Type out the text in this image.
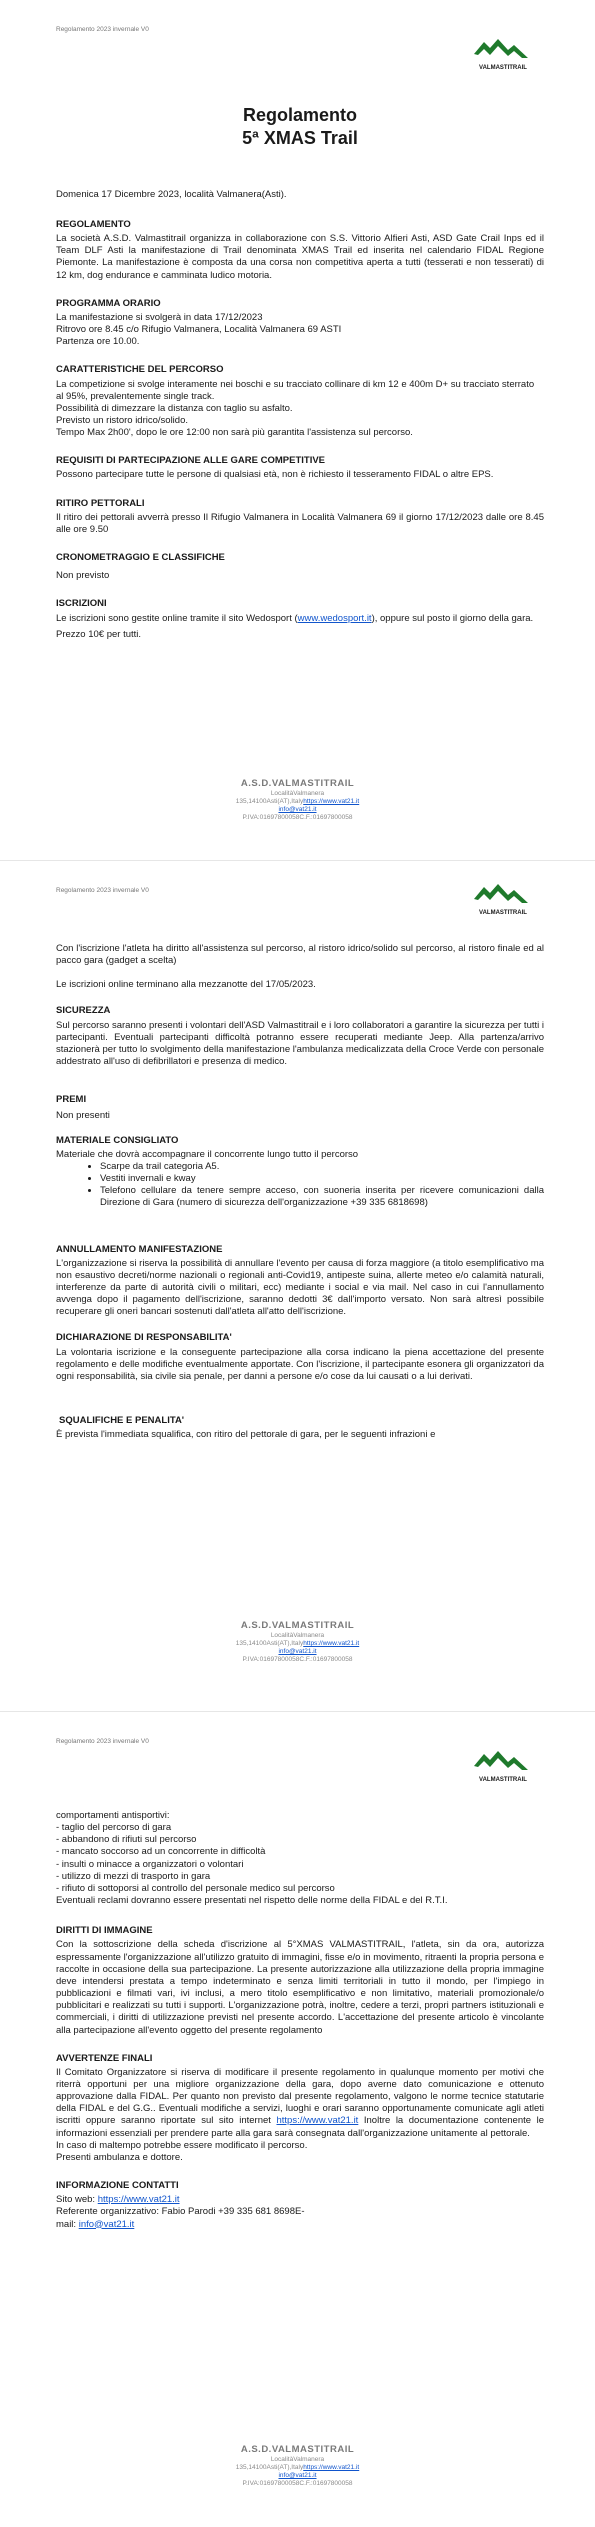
Regolamento 2023 invernale V0
VALMASTITRAIL
Regolamento
5ª XMAS Trail

Domenica 17 Dicembre 2023, località Valmanera(Asti).

REGOLAMENTO

La società A.S.D. Valmastitrail organizza in collaborazione con S.S. Vittorio Alfieri Asti, ASD Gate Crail Inps ed il Team DLF Asti la manifestazione di Trail denominata XMAS Trail ed inserita nel calendario FIDAL Regione Piemonte. La manifestazione è composta da una corsa non competitiva aperta a tutti (tesserati e non tesserati) di 12 km, dog endurance e camminata ludico motoria.

PROGRAMMA ORARIO

La manifestazione si svolgerà in data 17/12/2023

Ritrovo ore 8.45 c/o Rifugio Valmanera, Località Valmanera 69 ASTI

Partenza ore 10.00.

CARATTERISTICHE DEL PERCORSO

La competizione si svolge interamente nei boschi e su tracciato collinare di km 12 e 400m D+ su tracciato sterrato al 95%, prevalentemente single track.

Possibilità di dimezzare la distanza con taglio su asfalto.

Previsto un ristoro idrico/solido.

Tempo Max 2h00', dopo le ore 12:00 non sarà più garantita l'assistenza sul percorso.

REQUISITI DI PARTECIPAZIONE ALLE GARE COMPETITIVE

Possono partecipare tutte le persone di qualsiasi età, non è richiesto il tesseramento FIDAL o altre EPS.

RITIRO PETTORALI

Il ritiro dei pettorali avverrà presso Il Rifugio Valmanera in Località Valmanera 69 il giorno 17/12/2023 dalle ore 8.45 alle ore 9.50

CRONOMETRAGGIO E CLASSIFICHE

Non previsto

ISCRIZIONI

Le iscrizioni sono gestite online tramite il sito Wedosport (www.wedosport.it), oppure sul posto il giorno della gara.

Prezzo 10€ per tutti.

A.S.D.VALMASTITRAIL
LocalitàValmanera
135,14100Asti(AT),Italyhttps://www.vat21.it
info@vat21.it
P.IVA:01697800058C.F.:01697800058
Regolamento 2023 invernale V0
VALMASTITRAIL

Con l'iscrizione l'atleta ha diritto all'assistenza sul percorso, al ristoro idrico/solido sul percorso, al ristoro finale ed al pacco gara (gadget a scelta)

Le iscrizioni online terminano alla mezzanotte del 17/05/2023.

SICUREZZA

Sul percorso saranno presenti i volontari dell'ASD Valmastitrail e i loro collaboratori a garantire la sicurezza per tutti i partecipanti. Eventuali partecipanti difficoltà potranno essere recuperati mediante Jeep. Alla partenza/arrivo stazionerà per tutto lo svolgimento della manifestazione l'ambulanza medicalizzata della Croce Verde con personale addestrato all'uso di defibrillatori e presenza di medico.

PREMI

Non presenti

MATERIALE CONSIGLIATO

Materiale che dovrà accompagnare il concorrente lungo tutto il percorso

• Scarpe da trail categoria A5.
• Vestiti invernali e kway
• Telefono cellulare da tenere sempre acceso, con suoneria inserita per ricevere comunicazioni dalla Direzione di Gara (numero di sicurezza dell'organizzazione +39 335 6818698)
ANNULLAMENTO MANIFESTAZIONE

L'organizzazione si riserva la possibilità di annullare l'evento per causa di forza maggiore (a titolo esemplificativo ma non esaustivo decreti/norme nazionali o regionali anti-Covid19, antipeste suina, allerte meteo e/o calamità naturali, interferenze da parte di autorità civili o militari, ecc) mediante i social e via mail. Nel caso in cui l'annullamento avvenga dopo il pagamento dell'iscrizione, saranno dedotti 3€ dall'importo versato. Non sarà altresì possibile recuperare gli oneri bancari sostenuti dall'atleta all'atto dell'iscrizione.

DICHIARAZIONE DI RESPONSABILITA'

La volontaria iscrizione e la conseguente partecipazione alla corsa indicano la piena accettazione del presente regolamento e delle modifiche eventualmente apportate. Con l'iscrizione, il partecipante esonera gli organizzatori da ogni responsabilità, sia civile sia penale, per danni a persone e/o cose da lui causati o a lui derivati.

SQUALIFICHE E PENALITA'

È prevista l'immediata squalifica, con ritiro del pettorale di gara, per le seguenti infrazioni e

A.S.D.VALMASTITRAIL
LocalitàValmanera
135,14100Asti(AT),Italyhttps://www.vat21.it
info@vat21.it
P.IVA:01697800058C.F.:01697800058
Regolamento 2023 invernale V0
VALMASTITRAIL

comportamenti antisportivi:

- taglio del percorso di gara

- abbandono di rifiuti sul percorso

- mancato soccorso ad un concorrente in difficoltà

- insulti o minacce a organizzatori o volontari

- utilizzo di mezzi di trasporto in gara

- rifiuto di sottoporsi al controllo del personale medico sul percorso

Eventuali reclami dovranno essere presentati nel rispetto delle norme della FIDAL e del R.T.I.

DIRITTI DI IMMAGINE

Con la sottoscrizione della scheda d'iscrizione al 5°XMAS VALMASTITRAIL, l'atleta, sin da ora, autorizza espressamente l'organizzazione all'utilizzo gratuito di immagini, fisse e/o in movimento, ritraenti la propria persona e raccolte in occasione della sua partecipazione. La presente autorizzazione alla utilizzazione della propria immagine deve intendersi prestata a tempo indeterminato e senza limiti territoriali in tutto il mondo, per l'impiego in pubblicazioni e filmati vari, ivi inclusi, a mero titolo esemplificativo e non limitativo, materiali promozionale/o pubblicitari e realizzati su tutti i supporti. L'organizzazione potrà, inoltre, cedere a terzi, propri partners istituzionali e commerciali, i diritti di utilizzazione previsti nel presente accordo. L'accettazione del presente articolo è vincolante alla partecipazione all'evento oggetto del presente regolamento

AVVERTENZE FINALI

Il Comitato Organizzatore si riserva di modificare il presente regolamento in qualunque momento per motivi che riterrà opportuni per una migliore organizzazione della gara, dopo averne dato comunicazione e ottenuto approvazione dalla FIDAL. Per quanto non previsto dal presente regolamento, valgono le norme tecnice statutarie della FIDAL e del G.G.. Eventuali modifiche a servizi, luoghi e orari saranno opportunamente comunicate agli atleti iscritti oppure saranno riportate sul sito internet https://www.vat21.it Inoltre la documentazione contenente le informazioni essenziali per prendere parte alla gara sarà consegnata dall'organizzazione unitamente al pettorale.

In caso di maltempo potrebbe essere modificato il percorso.

Presenti ambulanza e dottore.

INFORMAZIONE CONTATTI

Sito web: https://www.vat21.it

Referente organizzativo: Fabio Parodi +39 335 681 8698E-

mail: info@vat21.it

A.S.D.VALMASTITRAIL
LocalitàValmanera
135,14100Asti(AT),Italyhttps://www.vat21.it
info@vat21.it
P.IVA:01697800058C.F.:01697800058
